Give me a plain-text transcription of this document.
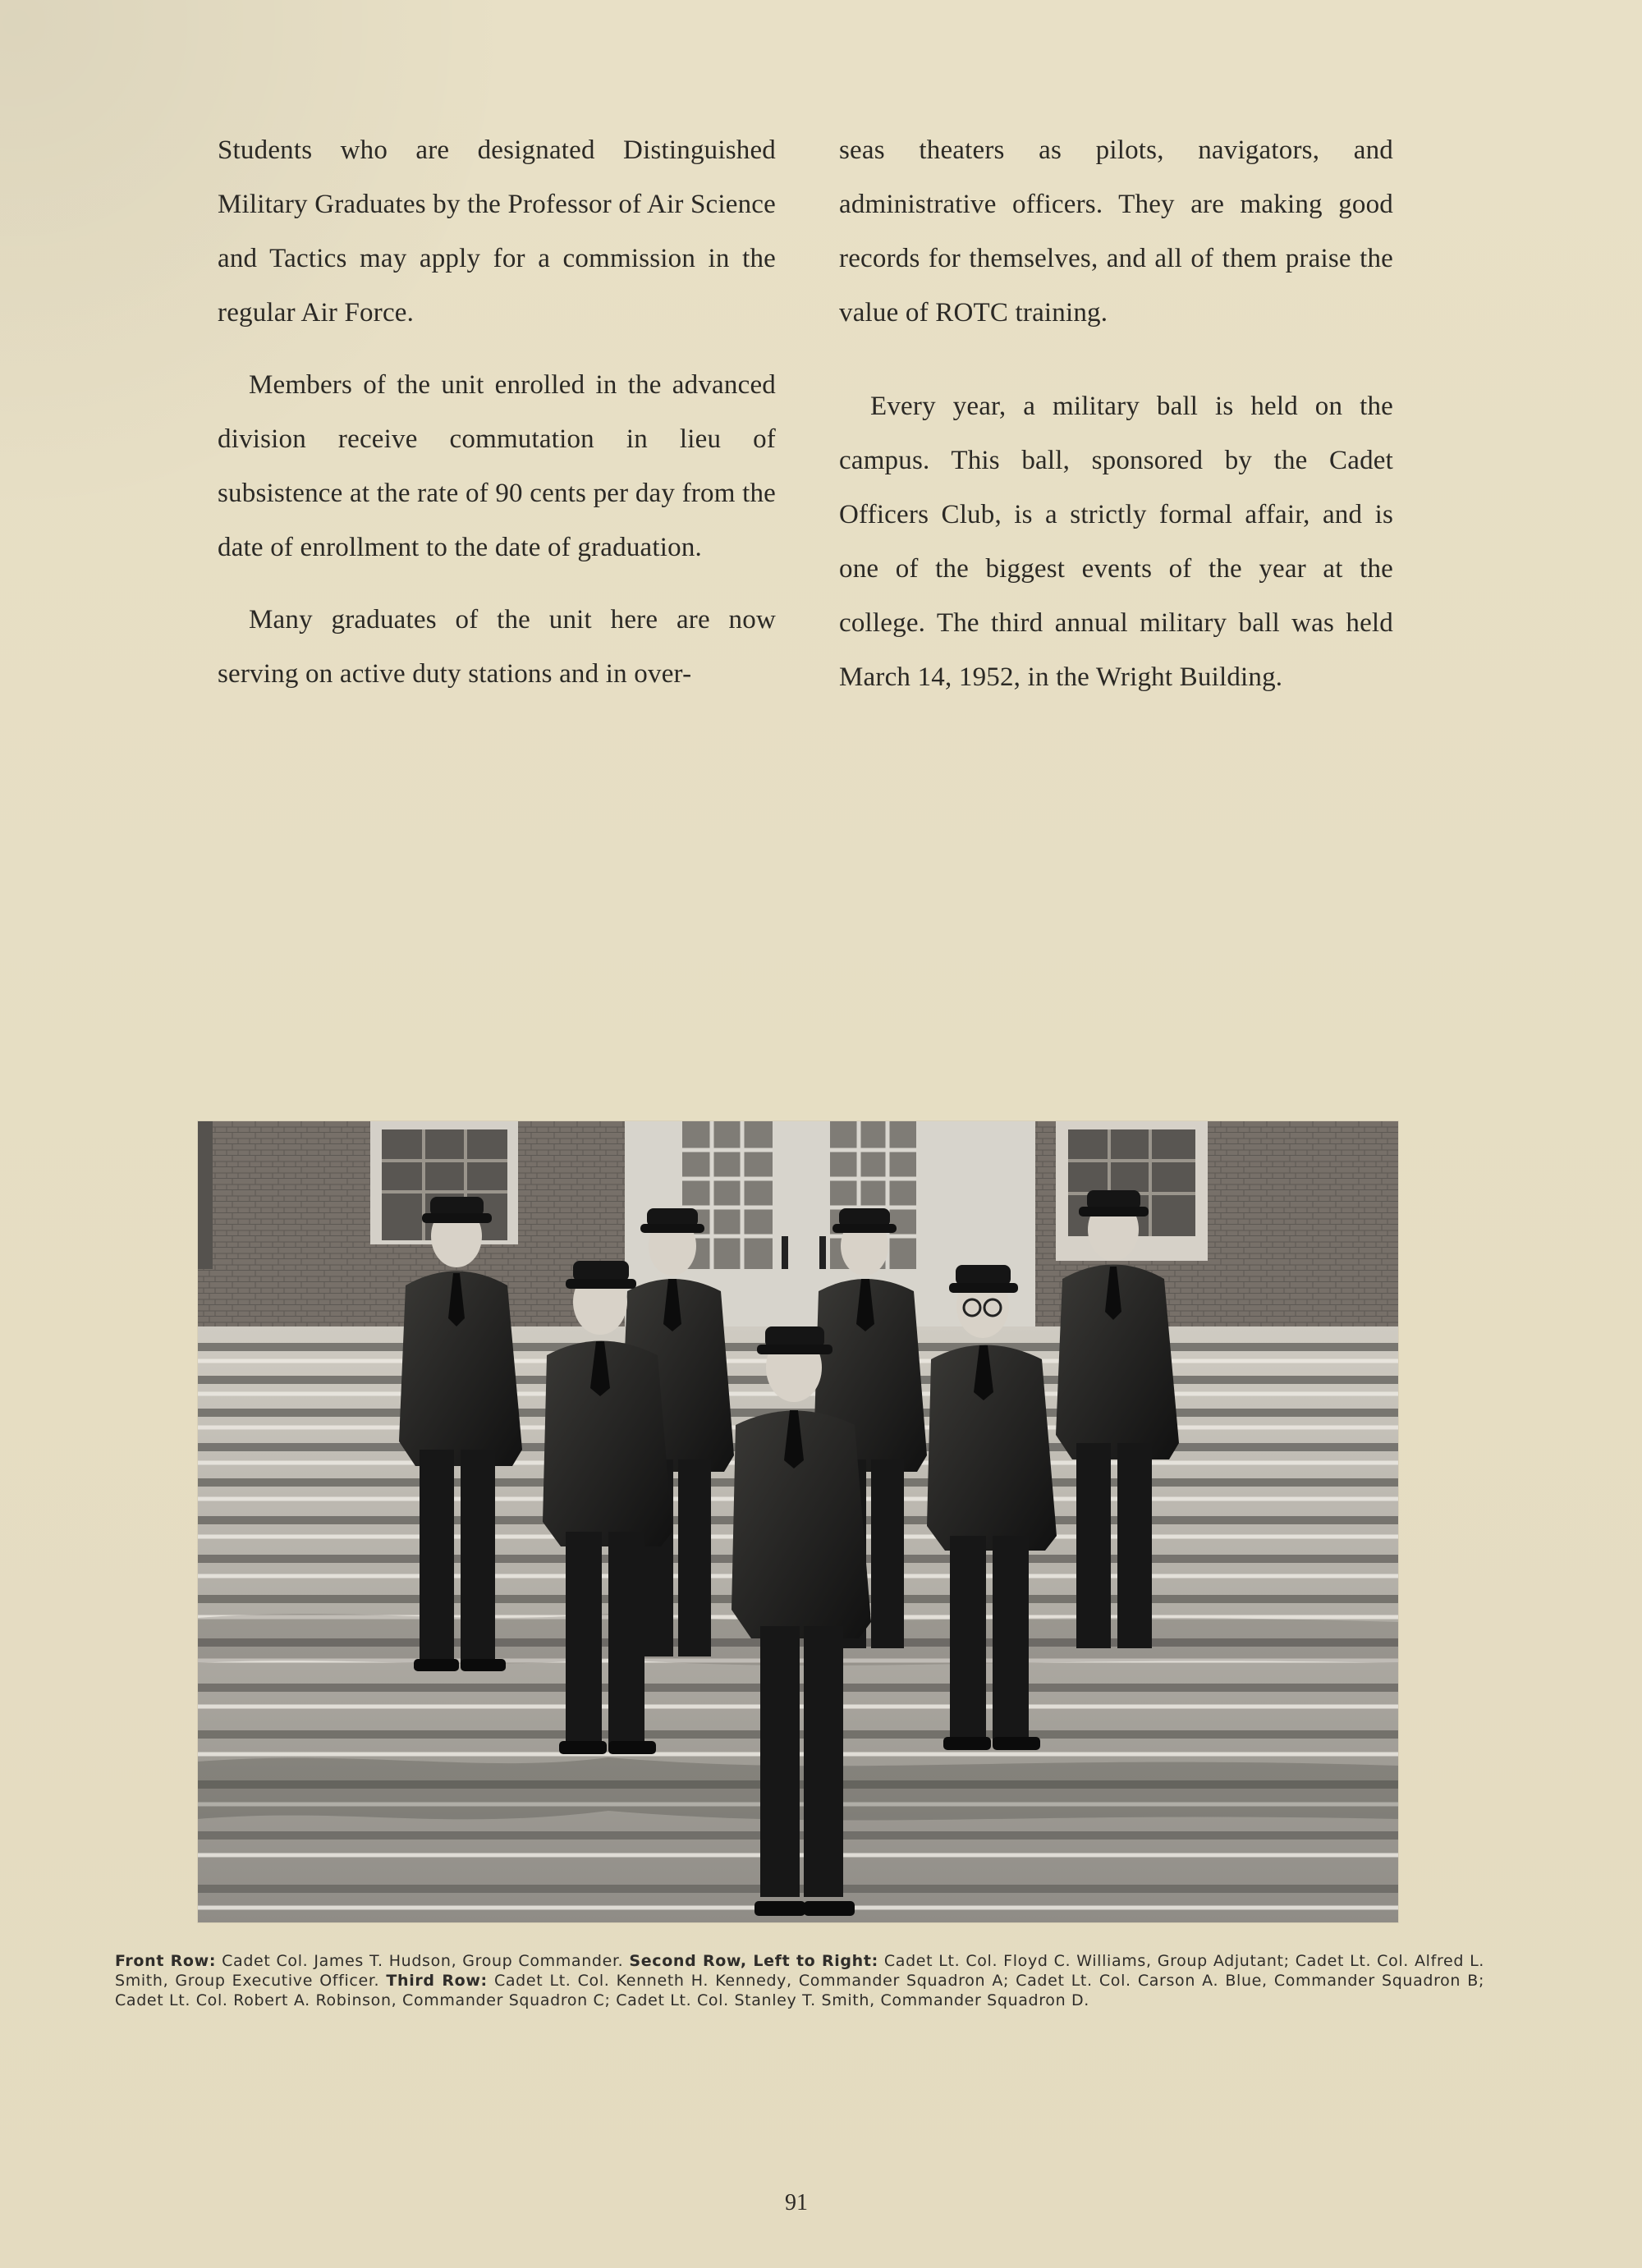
Students who are designated Distinguished Military Graduates by the Professor of Air Science and Tactics may apply for a commission in the regular Air Force.

Members of the unit enrolled in the advanced division receive commutation in lieu of subsistence at the rate of 90 cents per day from the date of enrollment to the date of graduation.

Many graduates of the unit here are now serving on active duty stations and in over-

seas theaters as pilots, navigators, and administrative officers. They are making good records for themselves, and all of them praise the value of ROTC training.

Every year, a military ball is held on the campus. This ball, sponsored by the Cadet Officers Club, is a strictly formal affair, and is one of the biggest events of the year at the college. The third annual military ball was held March 14, 1952, in the Wright Building.

Front Row: Cadet Col. James T. Hudson, Group Commander. Second Row, Left to Right: Cadet Lt. Col. Floyd C. Williams, Group Adjutant; Cadet Lt. Col. Alfred L. Smith, Group Executive Officer. Third Row: Cadet Lt. Col. Kenneth H. Kennedy, Commander Squadron A; Cadet Lt. Col. Carson A. Blue, Commander Squadron B; Cadet Lt. Col. Robert A. Robinson, Commander Squadron C; Cadet Lt. Col. Stanley T. Smith, Commander Squadron D.

91
